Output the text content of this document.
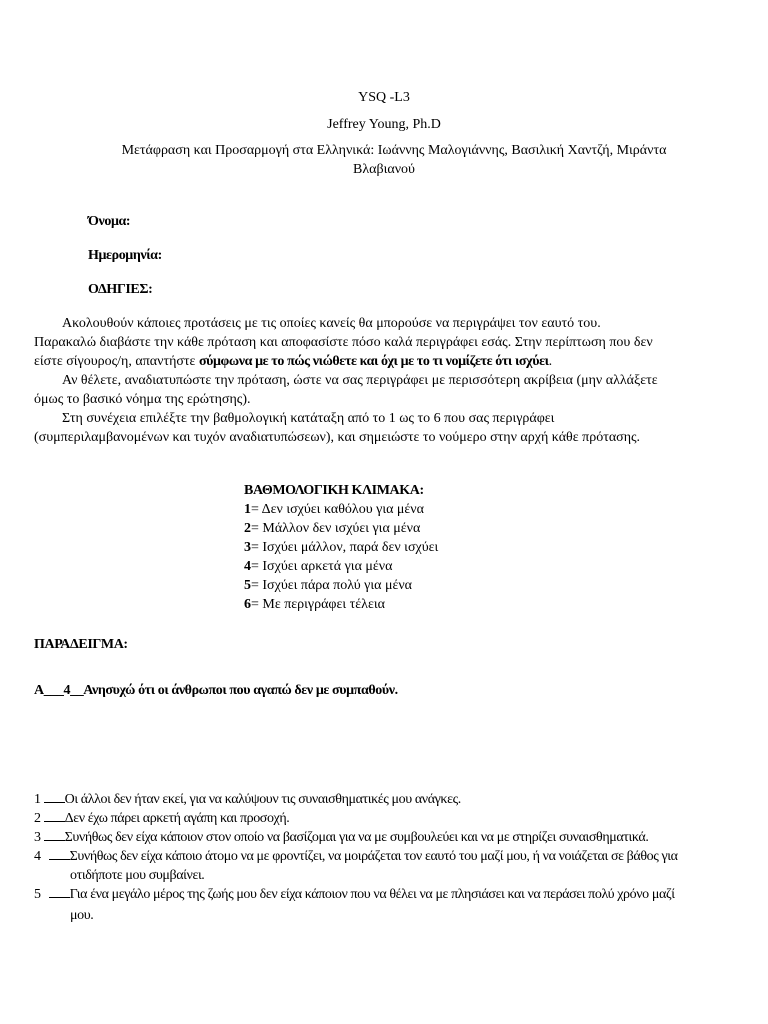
YSQ -L3
Jeffrey Young, Ph.D
Μετάφραση και Προσαρμογή στα Ελληνικά: Ιωάννης Μαλογιάννης, Βασιλική Χαντζή, Μιράντα
Βλαβιανού
Όνομα:
Ημερομηνία:
ΟΔΗΓΙΕΣ:
Ακολουθούν κάποιες προτάσεις με τις οποίες κανείς θα μπορούσε να περιγράψει τον εαυτό του.
Παρακαλώ διαβάστε την κάθε πρόταση και αποφασίστε πόσο καλά περιγράφει εσάς. Στην περίπτωση που δεν
είστε σίγουρος/η, απαντήστε σύμφωνα με το πώς νιώθετε και όχι με το τι νομίζετε ότι ισχύει.
Αν θέλετε, αναδιατυπώστε την πρόταση, ώστε να σας περιγράφει με περισσότερη ακρίβεια (μην αλλάξετε
όμως το βασικό νόημα της ερώτησης).
Στη συνέχεια επιλέξτε την βαθμολογική κατάταξη από το 1 ως το 6 που σας περιγράφει
(συμπεριλαμβανομένων και τυχόν αναδιατυπώσεων), και σημειώστε το νούμερο στην αρχή κάθε πρότασης.
ΒΑΘΜΟΛΟΓΙΚΗ ΚΛΙΜΑΚΑ:
1= Δεν ισχύει καθόλου για μένα
2= Μάλλον δεν ισχύει για μένα
3= Ισχύει μάλλον, παρά δεν ισχύει
4= Ισχύει αρκετά για μένα
5= Ισχύει πάρα πολύ για μένα
6= Με περιγράφει τέλεια
ΠΑΡΑΔΕΙΓΜΑ:
Α___4__Ανησυχώ ότι οι άνθρωποι που αγαπώ δεν με συμπαθούν.
1 Οι άλλοι δεν ήταν εκεί, για να καλύψουν τις συναισθηματικές μου ανάγκες.
2 Δεν έχω πάρει αρκετή αγάπη και προσοχή.
3 Συνήθως δεν είχα κάποιον στον οποίο να βασίζομαι για να με συμβουλεύει και να με στηρίζει συναισθηματικά.
4 Συνήθως δεν είχα κάποιο άτομο να με φροντίζει, να μοιράζεται τον εαυτό του μαζί μου, ή να νοιάζεται σε βάθος για
οτιδήποτε μου συμβαίνει.
5 Για ένα μεγάλο μέρος της ζωής μου δεν είχα κάποιον που να θέλει να με πλησιάσει και να περάσει πολύ χρόνο μαζί
μου.
